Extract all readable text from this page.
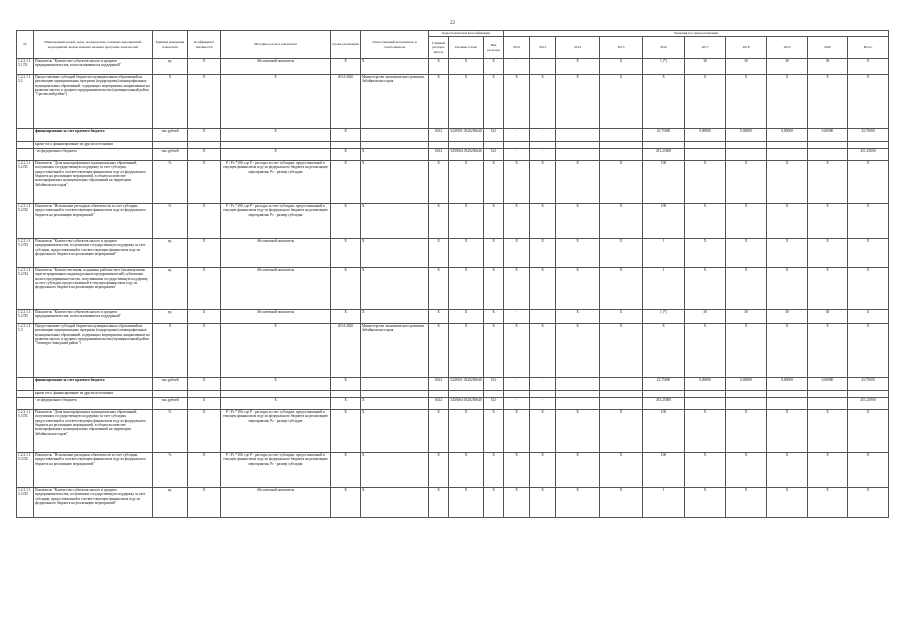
22
№	Наименование целей, задач, подпрограмм, основных мероприятий, мероприятий, ведомственных целевых программ, показателей	Единица измерения показателя	Коэффициент значимости	Методика расчета показателя	Сроки реализации	Ответственный исполнитель и соисполнитель	Коды бюджетной классификации			Значения по годам реализации									
							Главный распоря-дитель	Целевая статья	Вид расходов	2012	2013	2014	2015	2016	2017	2018	2019	2020	Итого
1.2.2.1.15.1 П1	Показатель "Количество субъектов малого и среднего предпринимательства, воспользовавшихся поддержкой"	ед.	Х	Абсолютный показатель	Х	Х	Х	Х	Х	-		Х	Х	1 (*)	30	30	30	30	Х
1.2.2.1.15.2	Предоставление субсидий бюджетам муниципальных образований на реализацию муниципальных программ (подпрограмм) монопрофильных муниципальных образований, содержащих мероприятия, направленные на развитие малого и среднего предпринимательства (муниципальный район "Сретенский район")	Х	Х	Х	2014-2020	Министерство экономического развития Забайкальского края	Х	Х	Х	Х	Х	Х	Х	Х	Х	Х	Х	Х	Х
	финансирование за счет краевого бюджета	тыс.рублей	Х	Х	Х		0412	5228101 0320250640	521	-	-			23,75000	0,00000	0,00000	0,00000	0,00000	23,75000
	кроме того, финансирование из других источников																		
	- из федерального бюджета	тыс.рублей	Х	Х	Х	Х	0412	3455064 0320250640	521	-	-			451,25000					451,25000
1.2.2.1.15.2 П1	Показатель "Доля монопрофильных муниципальных образований, получивших государственную поддержку за счет субсидии, предоставленной в соответствующем финансовом году из федерального бюджета на реализацию мероприятий, в общем количестве монопрофильных муниципальных образований на территории Забайкальского края"	%	Х	Р / Рс *100, где Р - расходы за счет субсидии, предоставленной в текущем финансовом году из федерального бюджета на реализацию мероприятия, Рс - размер субсидии	Х	Х	Х	Х	Х	Х	Х	Х	Х	100	Х	Х	Х	Х	Х
1.2.2.1.15.2 П2	Показатель "Исполнение расходных обязательств за счет субсидии, предоставленной в соответствующем финансовом году из федерального бюджета на реализацию мероприятий"	%	Х	Р / Рс *100, где Р - расходы за счет субсидии, предоставленной в текущем финансовом году из федерального бюджета на реализацию мероприятия, Рс - размер субсидии	Х	Х	Х	Х	Х	Х	Х	Х	Х	100	Х	Х	Х	Х	Х
1.2.2.1.15.2 П3	Показатель "Количество субъектов малого и среднего предпринимательства, получивших государственную поддержку за счет субсидии, предоставленной в соответствующем финансовом году из федерального бюджета на реализацию мероприятий"	ед.	Х	Абсолютный показатель	Х	Х	Х	Х	Х	Х	Х	Х	Х	1	Х	Х	Х	Х	Х
1.2.2.1.15.2 П4	Показатель "Количество вновь созданных рабочих мест (включая вновь зарегистрированных индивидуальных предпринимателей) субъектами малого предпринимательства, получившими государственную поддержку за счет субсидии, предоставленной в текущем финансовом году из федерального бюджета на реализацию мероприятия"	ед.	Х	Абсолютный показатель	Х	Х	Х	Х	Х	Х	Х	Х	Х	1	Х	Х	Х	Х	Х
1.2.2.1.15.2 П5	Показатель "Количество субъектов малого и среднего предпринимательства, воспользовавшихся поддержкой"	ед.	Х	Абсолютный показатель	Х	Х	Х	Х	Х	-		Х	Х	1 (*)	30	30	30	30	Х
1.2.2.1.15.3	Предоставление субсидий бюджетам муниципальных образований на реализацию муниципальных программ (подпрограмм) монопрофильных муниципальных образований, содержащих мероприятия, направленные на развитие малого и среднего предпринимательства (муниципальный район "Газимуро-Заводский район")	Х	Х	Х	2014-2020	Министерство экономического развития Забайкальского края	Х	Х	Х	Х	Х	Х	Х	Х	Х	Х	Х	Х	Х
	финансирование за счет краевого бюджета	тыс.рублей	Х	Х	Х		0412	5228101 0320250640	521	-	-			23,75000	0,00000	0,00000	0,00000	0,00000	23,75000
	кроме того, финансирование из других источников																		
	- из федерального бюджета	тыс.рублей	Х	Х	Х	Х	0412	3455064 0320250640	521	-	-			451,25000					451,25000
1.2.2.1.15.3 П1	Показатель "Доля монопрофильных муниципальных образований, получивших государственную поддержку за счет субсидии, предоставленной в соответствующем финансовом году из федерального бюджета на реализацию мероприятий, в общем количестве монопрофильных муниципальных образований на территории Забайкальского края"	%	Х	Р / Рс *100, где Р - расходы за счет субсидии, предоставленной в текущем финансовом году из федерального бюджета на реализацию мероприятия, Рс - размер субсидии	Х	Х	Х	Х	Х	Х	Х	Х	Х	100	Х	Х	Х	Х	Х
1.2.2.1.15.3 П2	Показатель "Исполнение расходных обязательств за счет субсидии, предоставленной в соответствующем финансовом году из федерального бюджета на реализацию мероприятий"	%	Х	Р / Рс *100, где Р - расходы за счет субсидии, предоставленной в текущем финансовом году из федерального бюджета на реализацию мероприятия, Рс - размер субсидии	Х	Х	Х	Х	Х	Х	Х	Х	Х	100	Х	Х	Х	Х	Х
1.2.2.1.15.3 П3	Показатель "Количество субъектов малого и среднего предпринимательства, получивших государственную поддержку за счет субсидии, предоставленной в соответствующем финансовом году из федерального бюджета на реализацию мероприятий"	ед.	Х	Абсолютный показатель	Х	Х	Х	Х	Х	Х	Х	Х	Х	1	Х	Х	Х	Х	Х
